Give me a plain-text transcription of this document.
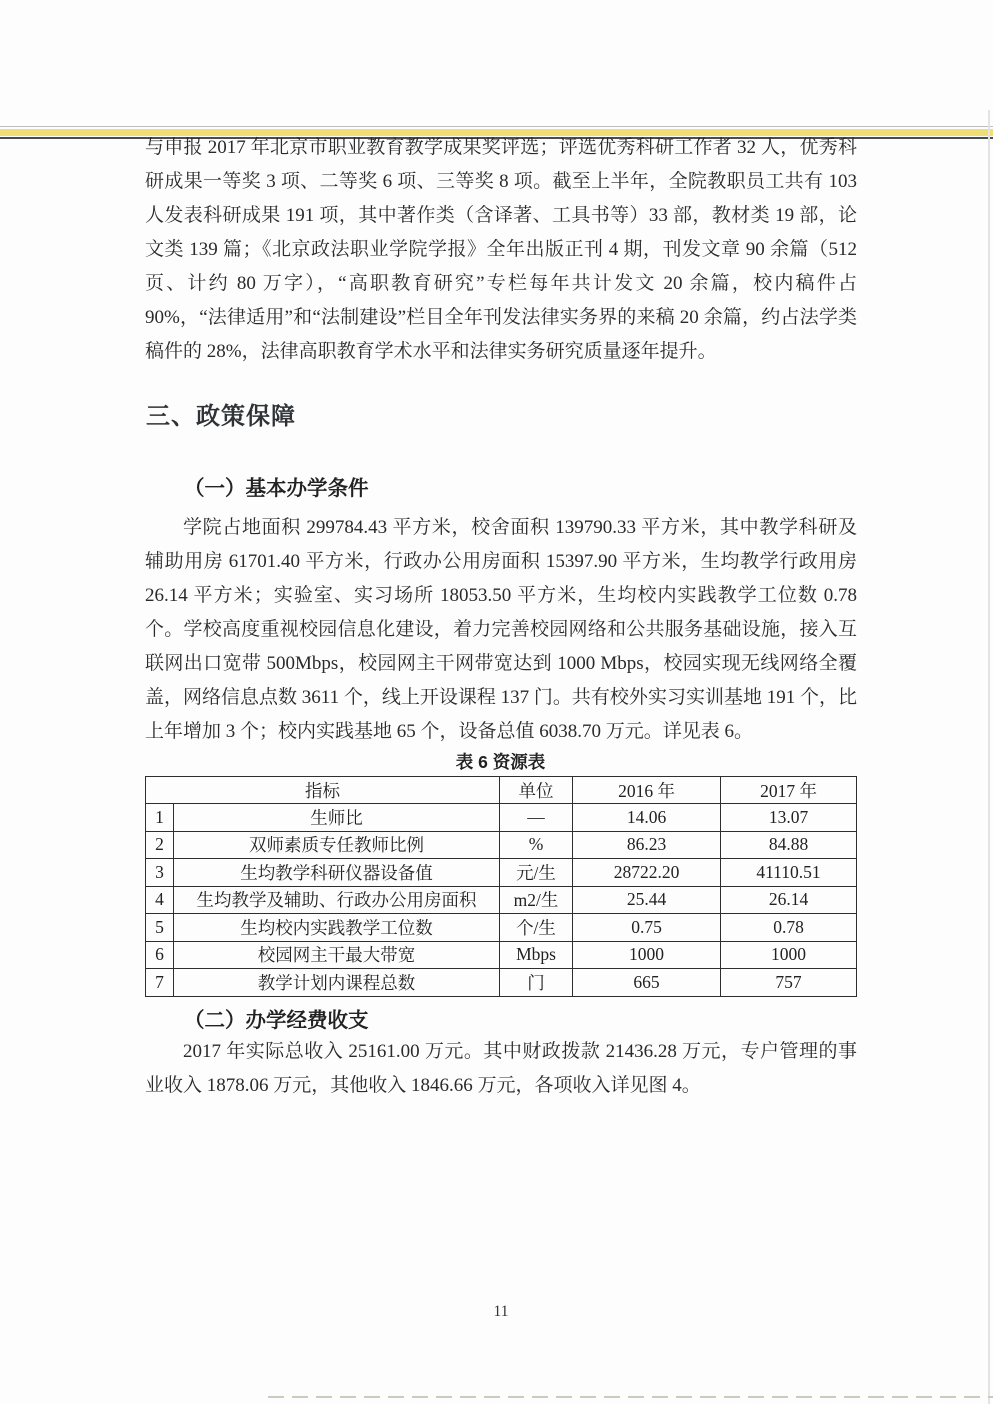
与申报 2017 年北京市职业教育教学成果奖评选；评选优秀科研工作者 32 人，优秀科研成果一等奖 3 项、二等奖 6 项、三等奖 8 项。截至上半年，全院教职员工共有 103 人发表科研成果 191 项，其中著作类（含译著、工具书等）33 部，教材类 19 部，论文类 139 篇；《北京政法职业学院学报》全年出版正刊 4 期，刊发文章 90 余篇（512 页、计约 80 万字），“高职教育研究”专栏每年共计发文 20 余篇，校内稿件占 90%，“法律适用”和“法制建设”栏目全年刊发法律实务界的来稿 20 余篇，约占法学类稿件的 28%，法律高职教育学术水平和法律实务研究质量逐年提升。

三、政策保障
（一）基本办学条件

学院占地面积 299784.43 平方米，校舍面积 139790.33 平方米，其中教学科研及辅助用房 61701.40 平方米，行政办公用房面积 15397.90 平方米，生均教学行政用房 26.14 平方米；实验室、实习场所 18053.50 平方米，生均校内实践教学工位数 0.78 个。学校高度重视校园信息化建设，着力完善校园网络和公共服务基础设施，接入互联网出口宽带 500Mbps，校园网主干网带宽达到 1000 Mbps，校园实现无线网络全覆盖，网络信息点数 3611 个，线上开设课程 137 门。共有校外实习实训基地 191 个，比上年增加 3 个；校内实践基地 65 个，设备总值 6038.70 万元。详见表 6。

表 6 资源表

指标		单位	2016 年	2017 年
1	生师比	—	14.06	13.07
2	双师素质专任教师比例	%	86.23	84.88
3	生均教学科研仪器设备值	元/生	28722.20	41110.51
4	生均教学及辅助、行政办公用房面积	m2/生	25.44	26.14
5	生均校内实践教学工位数	个/生	0.75	0.78
6	校园网主干最大带宽	Mbps	1000	1000
7	教学计划内课程总数	门	665	757
（二）办学经费收支

2017 年实际总收入 25161.00 万元。其中财政拨款 21436.28 万元，专户管理的事业收入 1878.06 万元，其他收入 1846.66 万元，各项收入详见图 4。

11
